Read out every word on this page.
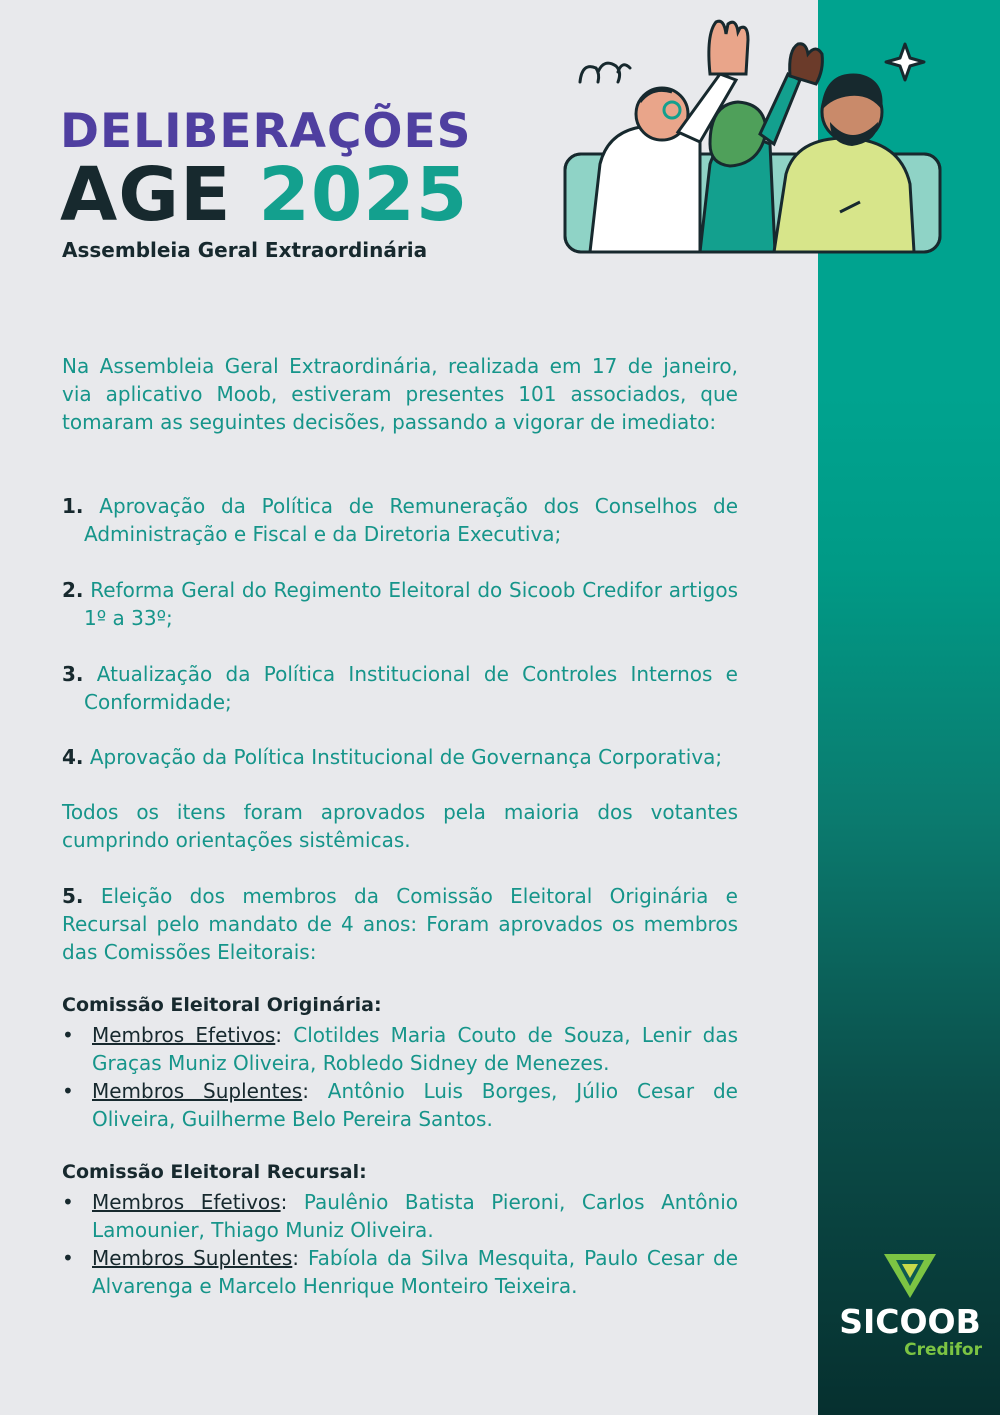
DELIBERAÇÕES
AGE 2025
Assembleia Geral Extraordinária
Na Assembleia Geral Extraordinária, realizada em 17 de janeiro, via aplicativo Moob, estiveram presentes 101 associados, que tomaram as seguintes decisões, passando a vigorar de imediato:
1. Aprovação da Política de Remuneração dos Conselhos de Administração e Fiscal e da Diretoria Executiva;
2. Reforma Geral do Regimento Eleitoral do Sicoob Credifor artigos 1º a 33º;
3. Atualização da Política Institucional de Controles Internos e Conformidade;
4. Aprovação da Política Institucional de Governança Corporativa;
Todos os itens foram aprovados pela maioria dos votantes cumprindo orientações sistêmicas.
5. Eleição dos membros da Comissão Eleitoral Originária e Recursal pelo mandato de 4 anos: Foram aprovados os membros das Comissões Eleitorais:
Comissão Eleitoral Originária:
• Membros Efetivos: Clotildes Maria Couto de Souza, Lenir das Graças Muniz Oliveira, Robledo Sidney de Menezes.
• Membros Suplentes: Antônio Luis Borges, Júlio Cesar de Oliveira, Guilherme Belo Pereira Santos.
Comissão Eleitoral Recursal:
• Membros Efetivos: Paulênio Batista Pieroni, Carlos Antônio Lamounier, Thiago Muniz Oliveira.
• Membros Suplentes: Fabíola da Silva Mesquita, Paulo Cesar de Alvarenga e Marcelo Henrique Monteiro Teixeira.
SICOOB
Credifor
